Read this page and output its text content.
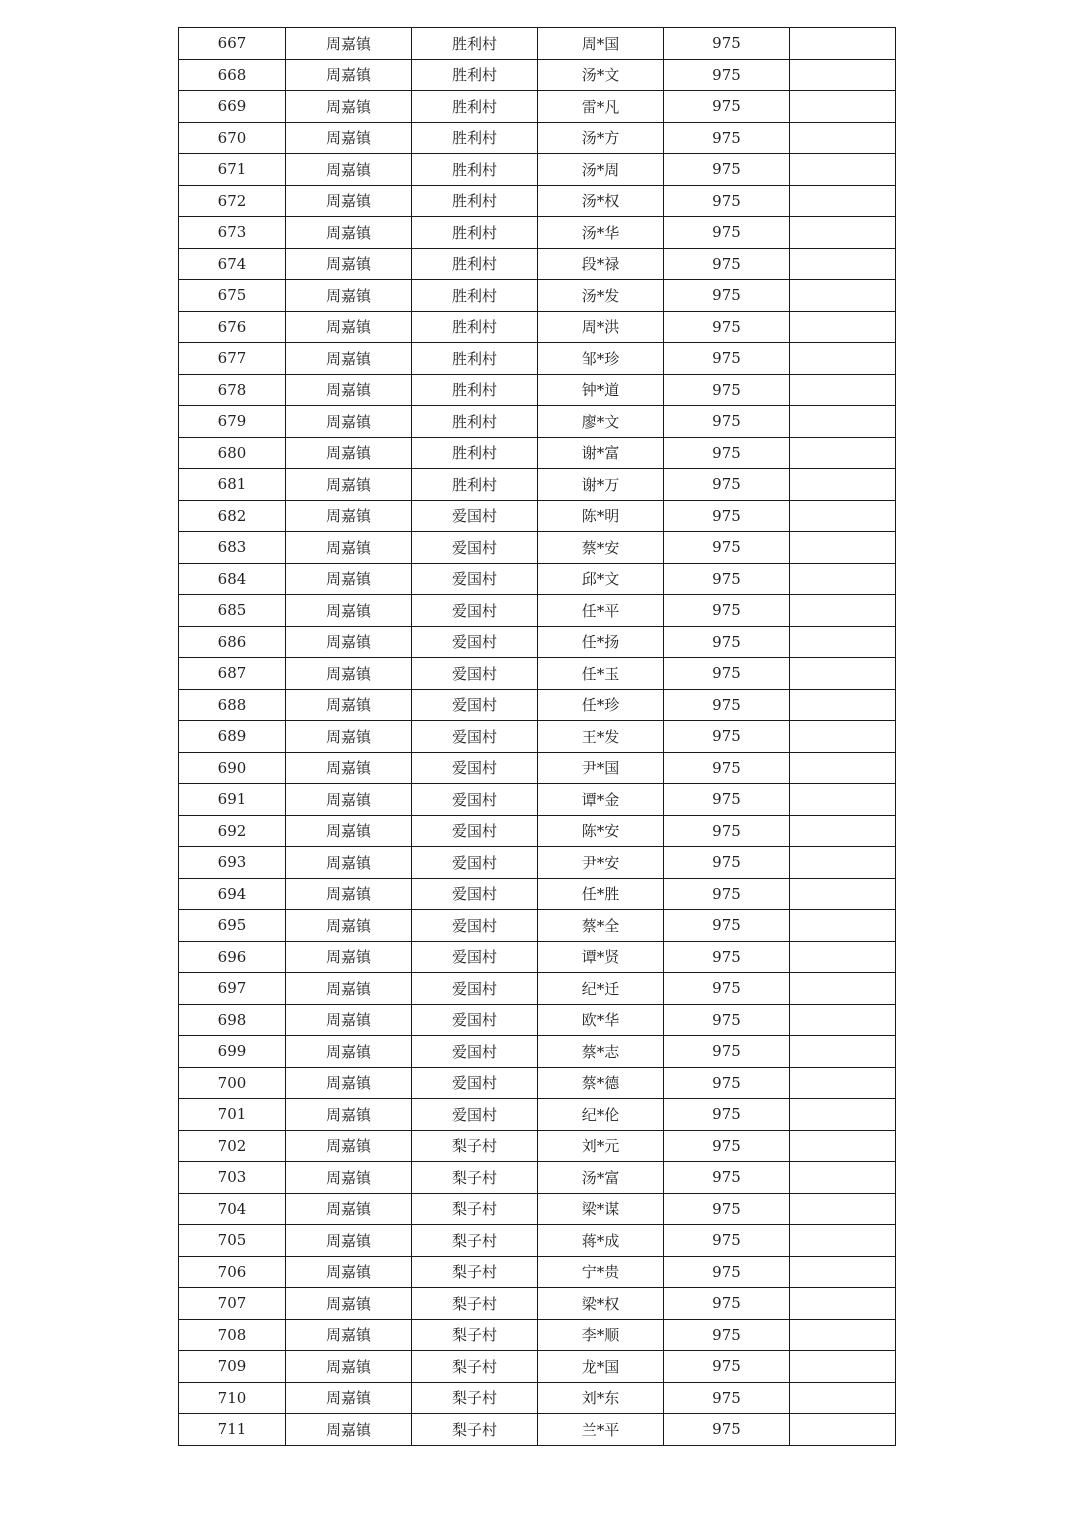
667	周嘉镇	胜利村	周*国	975	
668	周嘉镇	胜利村	汤*文	975	
669	周嘉镇	胜利村	雷*凡	975	
670	周嘉镇	胜利村	汤*方	975	
671	周嘉镇	胜利村	汤*周	975	
672	周嘉镇	胜利村	汤*权	975	
673	周嘉镇	胜利村	汤*华	975	
674	周嘉镇	胜利村	段*禄	975	
675	周嘉镇	胜利村	汤*发	975	
676	周嘉镇	胜利村	周*洪	975	
677	周嘉镇	胜利村	邹*珍	975	
678	周嘉镇	胜利村	钟*道	975	
679	周嘉镇	胜利村	廖*文	975	
680	周嘉镇	胜利村	谢*富	975	
681	周嘉镇	胜利村	谢*万	975	
682	周嘉镇	爱国村	陈*明	975	
683	周嘉镇	爱国村	蔡*安	975	
684	周嘉镇	爱国村	邱*文	975	
685	周嘉镇	爱国村	任*平	975	
686	周嘉镇	爱国村	任*扬	975	
687	周嘉镇	爱国村	任*玉	975	
688	周嘉镇	爱国村	任*珍	975	
689	周嘉镇	爱国村	王*发	975	
690	周嘉镇	爱国村	尹*国	975	
691	周嘉镇	爱国村	谭*金	975	
692	周嘉镇	爱国村	陈*安	975	
693	周嘉镇	爱国村	尹*安	975	
694	周嘉镇	爱国村	任*胜	975	
695	周嘉镇	爱国村	蔡*全	975	
696	周嘉镇	爱国村	谭*贤	975	
697	周嘉镇	爱国村	纪*迁	975	
698	周嘉镇	爱国村	欧*华	975	
699	周嘉镇	爱国村	蔡*志	975	
700	周嘉镇	爱国村	蔡*德	975	
701	周嘉镇	爱国村	纪*伦	975	
702	周嘉镇	梨子村	刘*元	975	
703	周嘉镇	梨子村	汤*富	975	
704	周嘉镇	梨子村	梁*谋	975	
705	周嘉镇	梨子村	蒋*成	975	
706	周嘉镇	梨子村	宁*贵	975	
707	周嘉镇	梨子村	梁*权	975	
708	周嘉镇	梨子村	李*顺	975	
709	周嘉镇	梨子村	龙*国	975	
710	周嘉镇	梨子村	刘*东	975	
711	周嘉镇	梨子村	兰*平	975	
